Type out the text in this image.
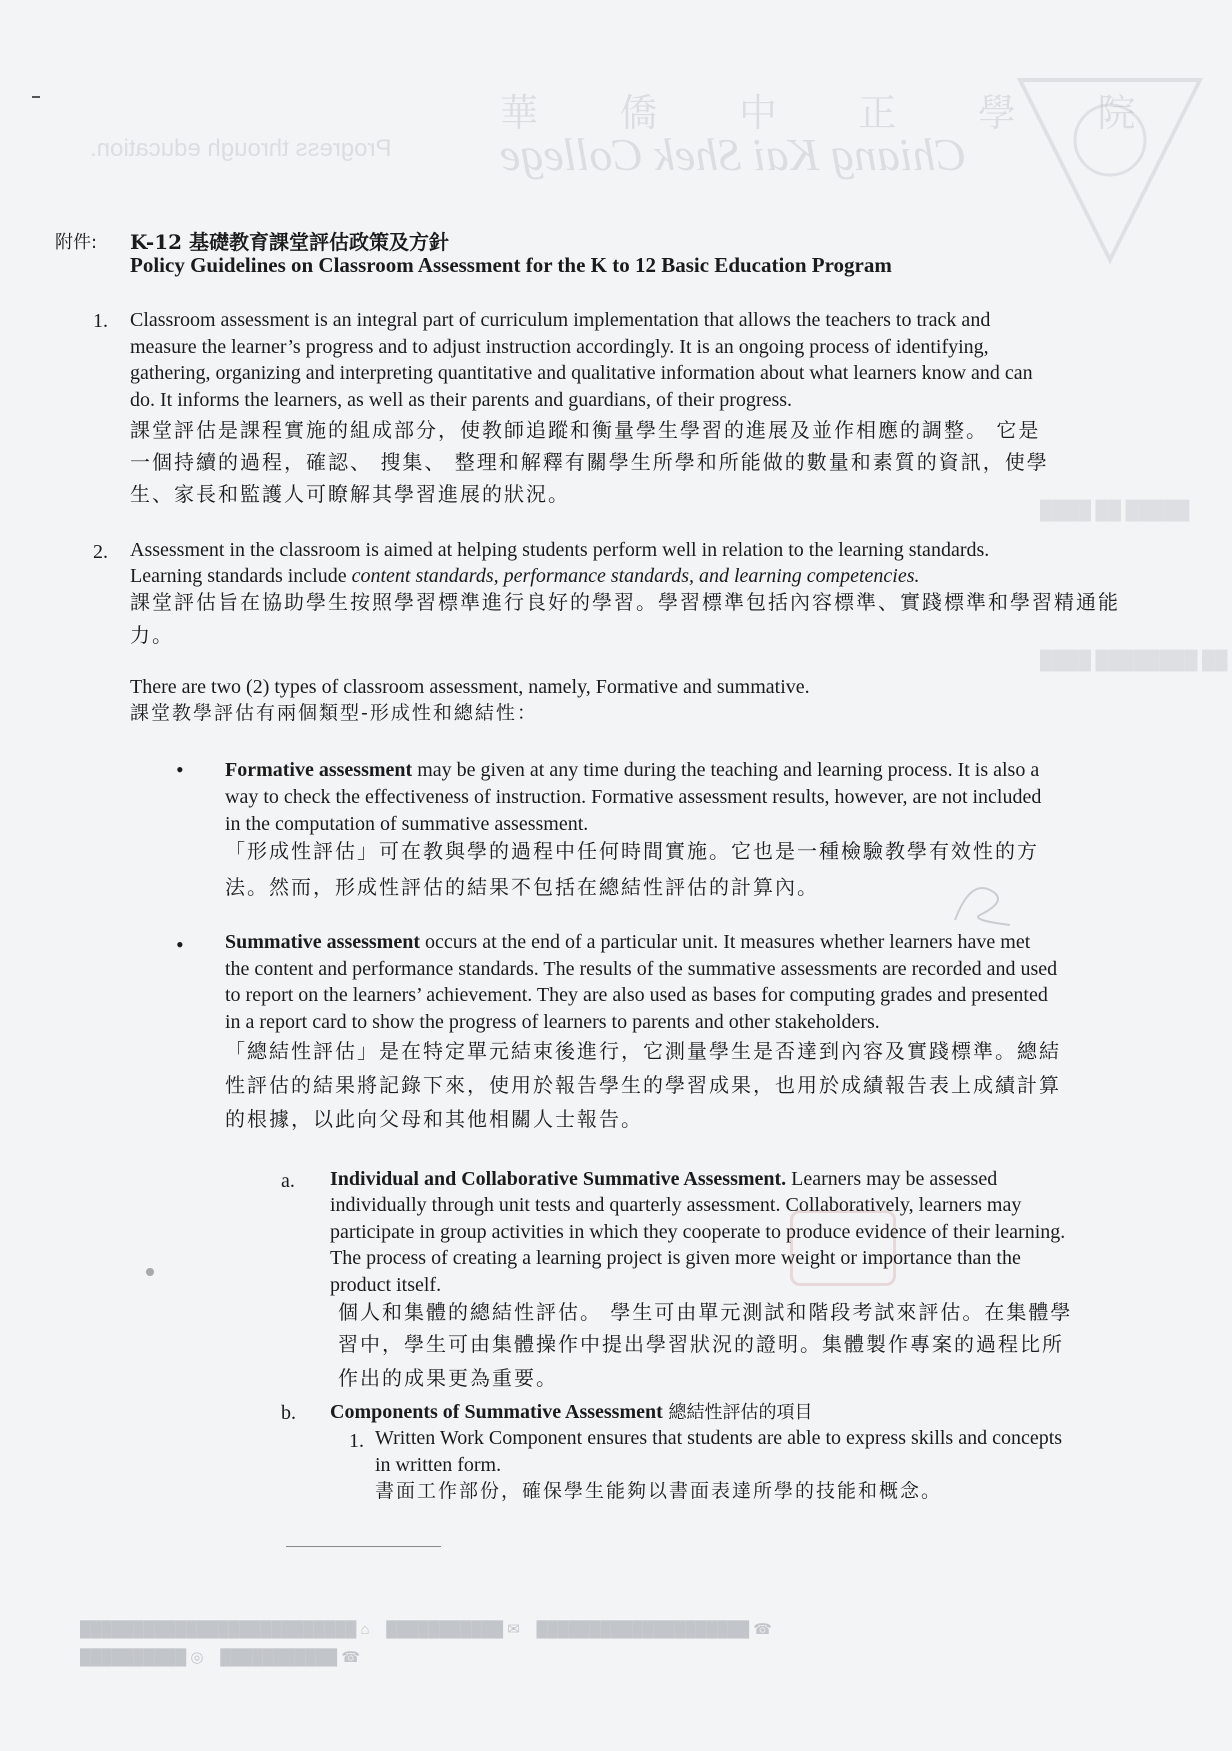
華 僑 中 正 學 院
Chiang Kai Shek College
Progress through education.
████ ██ █████
████ ████████ ██
☎ ████████████████████    ✉ ███████████    ⌂ ██████████████████████████
☎ ███████████    ◎ ██████████
附件: K-12 基礎教育課堂評估政策及方針
Policy Guidelines on Classroom Assessment for the K to 12 Basic Education Program
1. Classroom assessment is an integral part of curriculum implementation that allows the teachers to track and
measure the learner’s progress and to adjust instruction accordingly. It is an ongoing process of identifying,
gathering, organizing and interpreting quantitative and qualitative information about what learners know and can
do. It informs the learners, as well as their parents and guardians, of their progress.
課堂評估是課程實施的組成部分，使教師追蹤和衡量學生學習的進展及並作相應的調整。 它是
一個持續的過程，確認、 搜集、 整理和解釋有關學生所學和所能做的數量和素質的資訊，使學
生、家長和監護人可瞭解其學習進展的狀況。
2. Assessment in the classroom is aimed at helping students perform well in relation to the learning standards.
Learning standards include content standards, performance standards, and learning competencies.
課堂評估旨在協助學生按照學習標準進行良好的學習。學習標準包括內容標準、實踐標準和學習精通能
力。
There are two (2) types of classroom assessment, namely, Formative and summative.
課堂教學評估有兩個類型-形成性和總結性：
• Formative assessment may be given at any time during the teaching and learning process. It is also a
way to check the effectiveness of instruction. Formative assessment results, however, are not included
in the computation of summative assessment.
「形成性評估」可在教與學的過程中任何時間實施。它也是一種檢驗教學有效性的方
法。然而，形成性評估的結果不包括在總結性評估的計算內。
• Summative assessment occurs at the end of a particular unit. It measures whether learners have met
the content and performance standards. The results of the summative assessments are recorded and used
to report on the learners’ achievement. They are also used as bases for computing grades and presented
in a report card to show the progress of learners to parents and other stakeholders.
「總結性評估」是在特定單元結束後進行，它測量學生是否達到內容及實踐標準。總結
性評估的結果將記錄下來，使用於報告學生的學習成果，也用於成績報告表上成績計算
的根據，以此向父母和其他相關人士報告。
a. Individual and Collaborative Summative Assessment. Learners may be assessed
individually through unit tests and quarterly assessment. Collaboratively, learners may
participate in group activities in which they cooperate to produce evidence of their learning.
The process of creating a learning project is given more weight or importance than the
product itself.
個人和集體的總結性評估。 學生可由單元測試和階段考試來評估。在集體學
習中，學生可由集體操作中提出學習狀況的證明。集體製作專案的過程比所
作出的成果更為重要。
b. Components of Summative Assessment 總結性評估的項目
1. Written Work Component ensures that students are able to express skills and concepts
in written form.
書面工作部份，確保學生能夠以書面表達所學的技能和概念。
